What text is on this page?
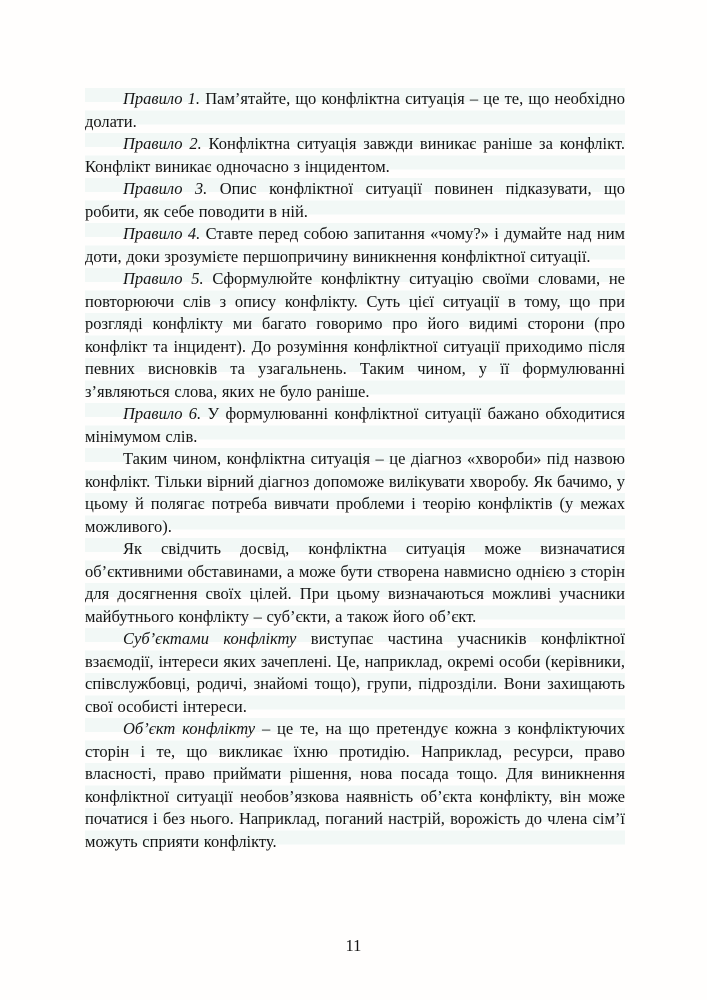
Правило 1. Пам’ятайте, що конфліктна ситуація – це те, що необхідно долати.

Правило 2. Конфліктна ситуація завжди виникає раніше за конфлікт. Конфлікт виникає одночасно з інцидентом.

Правило 3. Опис конфліктної ситуації повинен підказувати, що робити, як себе поводити в ній.

Правило 4. Ставте перед собою запитання «чому?» і думайте над ним доти, доки зрозумієте першопричину виникнення конфліктної ситуації.

Правило 5. Сформулюйте конфліктну ситуацію своїми словами, не повторюючи слів з опису конфлікту. Суть цієї ситуації в тому, що при розгляді конфлікту ми багато говоримо про його видимі сторони (про конфлікт та інцидент). До розуміння конфліктної ситуації приходимо після певних висновків та узагальнень. Таким чином, у її формулюванні з’являються слова, яких не було раніше.

Правило 6. У формулюванні конфліктної ситуації бажано обходитися мінімумом слів.

Таким чином, конфліктна ситуація – це діагноз «хвороби» під назвою конфлікт. Тільки вірний діагноз допоможе вилікувати хворобу. Як бачимо, у цьому й полягає потреба вивчати проблеми і теорію конфліктів (у межах можливого).

Як свідчить досвід, конфліктна ситуація може визначатися об’єктивними обставинами, а може бути створена навмисно однією з сторін для досягнення своїх цілей. При цьому визначаються можливі учасники майбутнього конфлікту – суб’єкти, а також його об’єкт.

Суб’єктами конфлікту виступає частина учасників конфліктної взаємодії, інтереси яких зачеплені. Це, наприклад, окремі особи (керівники, співслужбовці, родичі, знайомі тощо), групи, підрозділи. Вони захищають свої особисті інтереси.

Об’єкт конфлікту – це те, на що претендує кожна з конфліктуючих сторін і те, що викликає їхню протидію. Наприклад, ресурси, право власності, право приймати рішення, нова посада тощо. Для виникнення конфліктної ситуації необов’язкова наявність об’єкта конфлікту, він може початися і без нього. Наприклад, поганий настрій, ворожість до члена сім’ї можуть сприяти конфлікту.

11
